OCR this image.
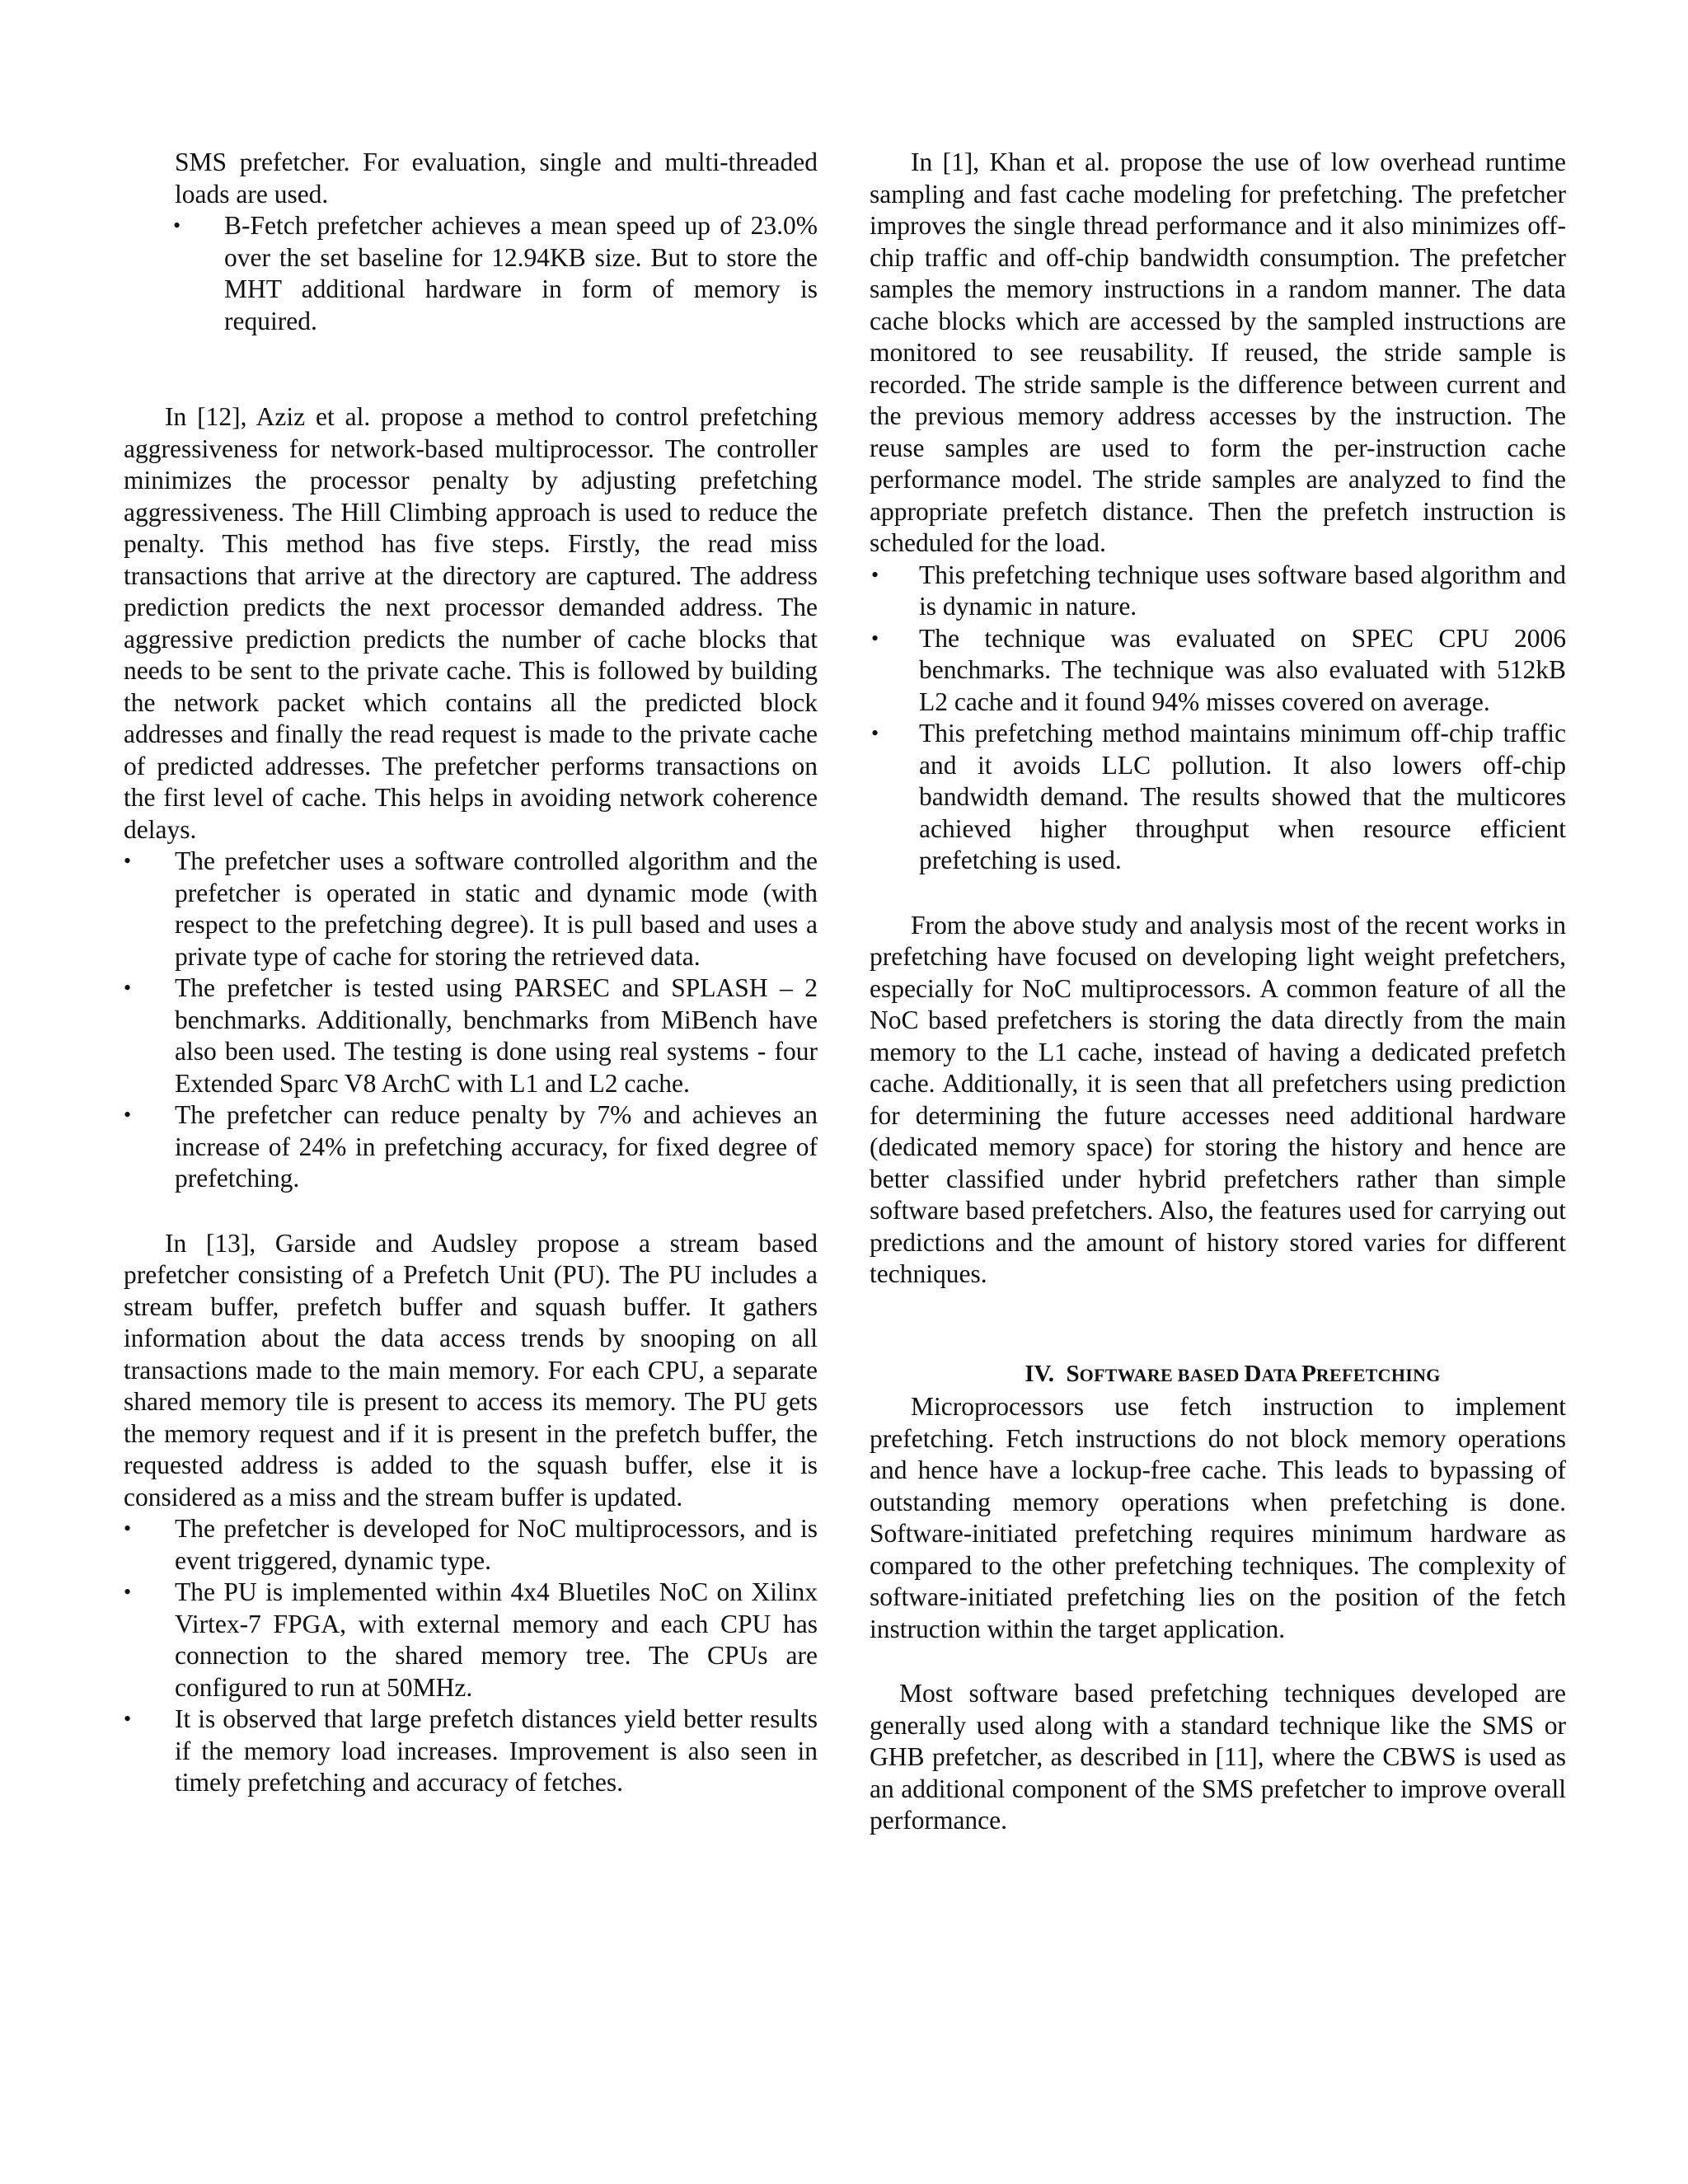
SMS prefetcher. For evaluation, single and multi-threaded loads are used.

• B-Fetch prefetcher achieves a mean speed up of 23.0% over the set baseline for 12.94KB size. But to store the MHT additional hardware in form of memory is required.

In [12], Aziz et al. propose a method to control prefetching aggressiveness for network-based multiprocessor. The controller minimizes the processor penalty by adjusting prefetching aggressiveness. The Hill Climbing approach is used to reduce the penalty. This method has five steps. Firstly, the read miss transactions that arrive at the directory are captured. The address prediction predicts the next processor demanded address. The aggressive prediction predicts the number of cache blocks that needs to be sent to the private cache. This is followed by building the network packet which contains all the predicted block addresses and finally the read request is made to the private cache of predicted addresses. The prefetcher performs transactions on the first level of cache. This helps in avoiding network coherence delays.

• The prefetcher uses a software controlled algorithm and the prefetcher is operated in static and dynamic mode (with respect to the prefetching degree). It is pull based and uses a private type of cache for storing the retrieved data.
• The prefetcher is tested using PARSEC and SPLASH – 2 benchmarks. Additionally, benchmarks from MiBench have also been used. The testing is done using real systems - four Extended Sparc V8 ArchC with L1 and L2 cache.
• The prefetcher can reduce penalty by 7% and achieves an increase of 24% in prefetching accuracy, for fixed degree of prefetching.

In [13], Garside and Audsley propose a stream based prefetcher consisting of a Prefetch Unit (PU). The PU includes a stream buffer, prefetch buffer and squash buffer. It gathers information about the data access trends by snooping on all transactions made to the main memory. For each CPU, a separate shared memory tile is present to access its memory. The PU gets the memory request and if it is present in the prefetch buffer, the requested address is added to the squash buffer, else it is considered as a miss and the stream buffer is updated.

• The prefetcher is developed for NoC multiprocessors, and is event triggered, dynamic type.
• The PU is implemented within 4x4 Bluetiles NoC on Xilinx Virtex-7 FPGA, with external memory and each CPU has connection to the shared memory tree. The CPUs are configured to run at 50MHz.
• It is observed that large prefetch distances yield better results if the memory load increases. Improvement is also seen in timely prefetching and accuracy of fetches.

In [1], Khan et al. propose the use of low overhead runtime sampling and fast cache modeling for prefetching. The prefetcher improves the single thread performance and it also minimizes off-chip traffic and off-chip bandwidth consumption. The prefetcher samples the memory instructions in a random manner. The data cache blocks which are accessed by the sampled instructions are monitored to see reusability. If reused, the stride sample is recorded. The stride sample is the difference between current and the previous memory address accesses by the instruction. The reuse samples are used to form the per-instruction cache performance model. The stride samples are analyzed to find the appropriate prefetch distance. Then the prefetch instruction is scheduled for the load.

• This prefetching technique uses software based algorithm and is dynamic in nature.
• The technique was evaluated on SPEC CPU 2006 benchmarks. The technique was also evaluated with 512kB L2 cache and it found 94% misses covered on average.
• This prefetching method maintains minimum off-chip traffic and it avoids LLC pollution. It also lowers off-chip bandwidth demand. The results showed that the multicores achieved higher throughput when resource efficient prefetching is used.

From the above study and analysis most of the recent works in prefetching have focused on developing light weight prefetchers, especially for NoC multiprocessors. A common feature of all the NoC based prefetchers is storing the data directly from the main memory to the L1 cache, instead of having a dedicated prefetch cache. Additionally, it is seen that all prefetchers using prediction for determining the future accesses need additional hardware (dedicated memory space) for storing the history and hence are better classified under hybrid prefetchers rather than simple software based prefetchers. Also, the features used for carrying out predictions and the amount of history stored varies for different techniques.

IV. SOFTWARE BASED DATA PREFETCHING

Microprocessors use fetch instruction to implement prefetching. Fetch instructions do not block memory operations and hence have a lockup-free cache. This leads to bypassing of outstanding memory operations when prefetching is done. Software-initiated prefetching requires minimum hardware as compared to the other prefetching techniques. The complexity of software-initiated prefetching lies on the position of the fetch instruction within the target application.

Most software based prefetching techniques developed are generally used along with a standard technique like the SMS or GHB prefetcher, as described in [11], where the CBWS is used as an additional component of the SMS prefetcher to improve overall performance.
